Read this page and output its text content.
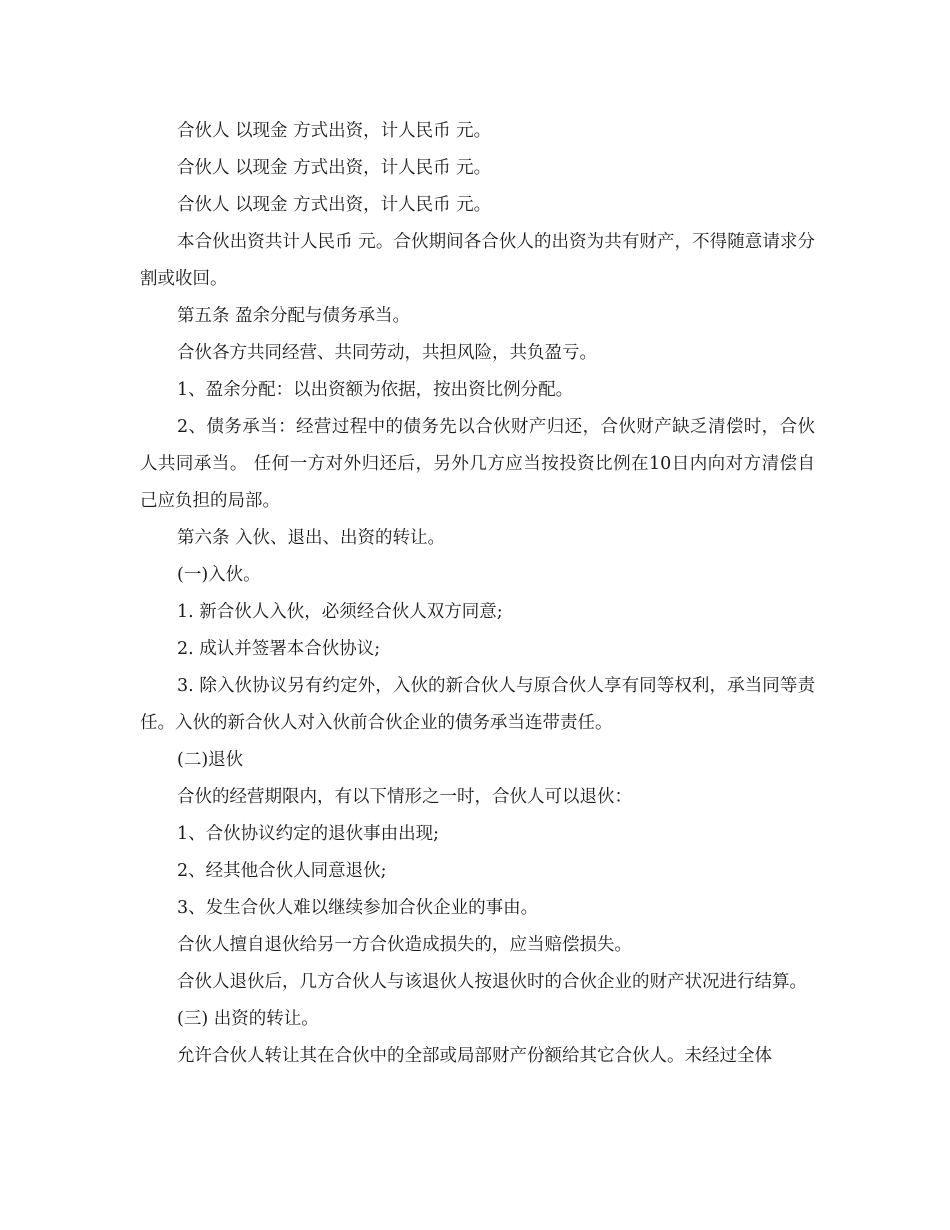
合伙人 以现金 方式出资，计人民币 元。

合伙人 以现金 方式出资，计人民币 元。

合伙人 以现金 方式出资，计人民币 元。

本合伙出资共计人民币 元。合伙期间各合伙人的出资为共有财产，不得随意请求分割或收回。

第五条 盈余分配与债务承当。

合伙各方共同经营、共同劳动，共担风险，共负盈亏。

1、盈余分配：以出资额为依据，按出资比例分配。

2、债务承当：经营过程中的债务先以合伙财产归还，合伙财产缺乏清偿时，合伙人共同承当。 任何一方对外归还后，另外几方应当按投资比例在10日内向对方清偿自己应负担的局部。

第六条 入伙、退出、出资的转让。

(一)入伙。

1. 新合伙人入伙，必须经合伙人双方同意;

2. 成认并签署本合伙协议;

3. 除入伙协议另有约定外，入伙的新合伙人与原合伙人享有同等权利，承当同等责任。入伙的新合伙人对入伙前合伙企业的债务承当连带责任。

(二)退伙

合伙的经营期限内，有以下情形之一时，合伙人可以退伙：

1、合伙协议约定的退伙事由出现;

2、经其他合伙人同意退伙;

3、发生合伙人难以继续参加合伙企业的事由。

合伙人擅自退伙给另一方合伙造成损失的，应当赔偿损失。

合伙人退伙后，几方合伙人与该退伙人按退伙时的合伙企业的财产状况进行结算。

(三) 出资的转让。

允许合伙人转让其在合伙中的全部或局部财产份额给其它合伙人。未经过全体
